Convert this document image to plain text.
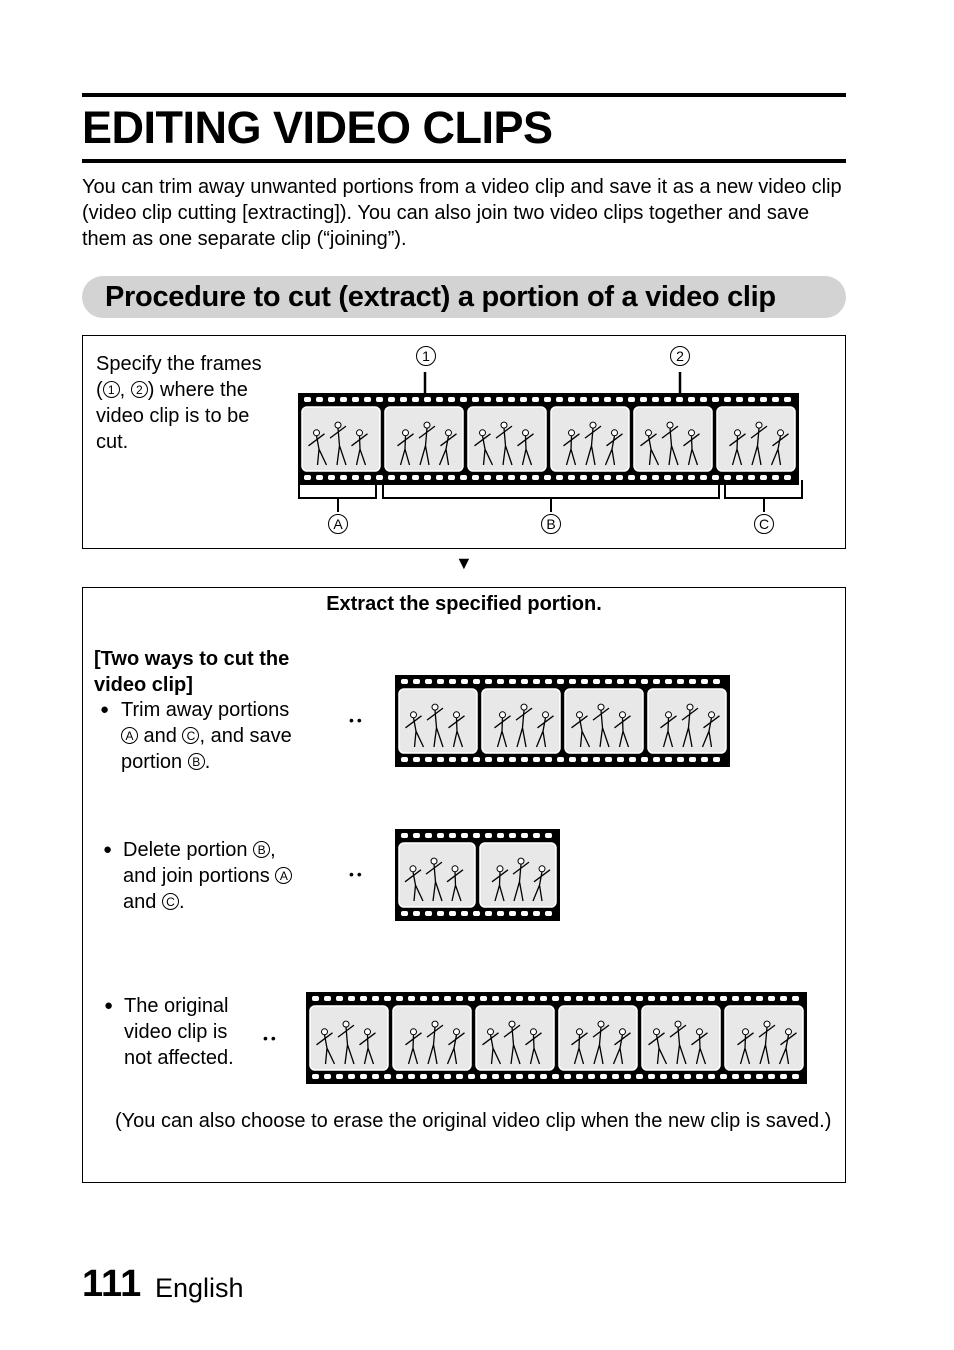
EDITING VIDEO CLIPS
You can trim away unwanted portions from a video clip and save it as a new video clip (video clip cutting [extracting]). You can also join two video clips together and save them as one separate clip (“joining”).
Procedure to cut (extract) a portion of a video clip
Specify the frames
( 1 , 2 ) where the
video clip is to be
cut.
1	2
A	B	C
▼
Extract the specified portion.
[Two ways to cut the
video clip]
● Trim away portions
A and C , and save
portion B .
••
● Delete portion B ,
and join portions A
and C .
••
● The original
video clip is
not affected.
••
(You can also choose to erase the original video clip when the new clip is saved.)
111 English
